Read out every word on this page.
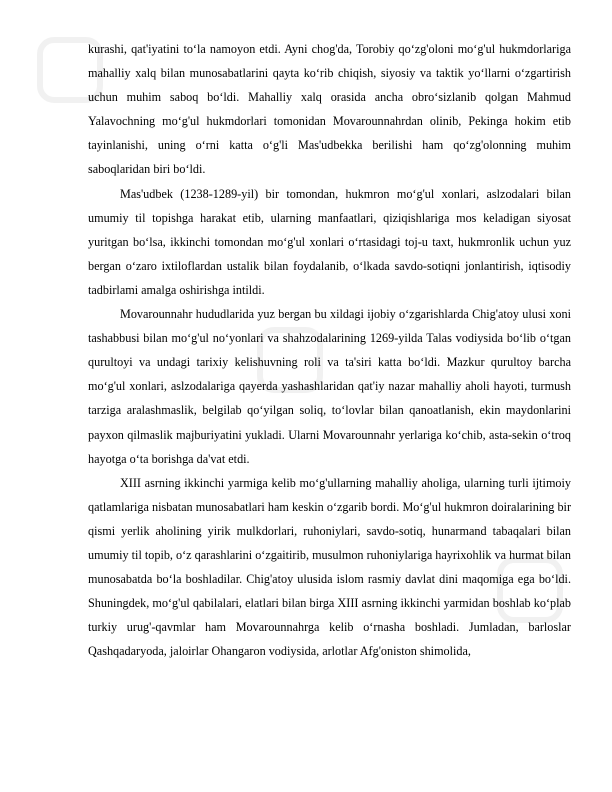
kurashi, qat'iyatini to‘la namoyon etdi. Ayni chog'da, Torobiy qo‘zg'oloni mo‘g'ul hukmdorlariga mahalliy xalq bilan munosabatlarini qayta ko‘rib chiqish, siyosiy va taktik yo‘llarni o‘zgartirish uchun muhim saboq bo‘ldi. Mahalliy xalq orasida ancha obro‘sizlanib qolgan Mahmud Yalavochning mo‘g'ul hukmdorlari tomonidan Movarounnahrdan olinib, Pekinga hokim etib tayinlanishi, uning o‘rni katta o‘g'li Mas'udbekka berilishi ham qo‘zg'olonning muhim saboqlaridan biri bo‘ldi.

Mas'udbek (1238-1289-yil) bir tomondan, hukmron mo‘g'ul xonlari, aslzodalari bilan umumiy til topishga harakat etib, ularning manfaatlari, qiziqishlariga mos keladigan siyosat yuritgan bo‘lsa, ikkinchi tomondan mo‘g'ul xonlari o‘rtasidagi toj-u taxt, hukmronlik uchun yuz bergan o‘zaro ixtiloflardan ustalik bilan foydalanib, o‘lkada savdo-sotiqni jonlantirish, iqtisodiy tadbirlami amalga oshirishga intildi.

Movarounnahr hududlarida yuz bergan bu xildagi ijobiy o‘zgarishlarda Chig'atoy ulusi xoni tashabbusi bilan mo‘g'ul no‘yonlari va shahzodalarining 1269-yilda Talas vodiysida bo‘lib o‘tgan qurultoyi va undagi tarixiy kelishuvning roli va ta'siri katta bo‘ldi. Mazkur qurultoy barcha mo‘g'ul xonlari, aslzodalariga qayerda yashashlaridan qat'iy nazar mahalliy aholi hayoti, turmush tarziga aralashmaslik, belgilab qo‘yilgan soliq, to‘lovlar bilan qanoatlanish, ekin maydonlarini payxon qilmaslik majburiyatini yukladi. Ularni Movarounnahr yerlariga ko‘chib, asta-sekin o‘troq hayotga o‘ta borishga da'vat etdi.

XIII asrning ikkinchi yarmiga kelib mo‘g'ullarning mahalliy aholiga, ularning turli ijtimoiy qatlamlariga nisbatan munosabatlari ham keskin o‘zgarib bordi. Mo‘g'ul hukmron doiralarining bir qismi yerlik aholining yirik mulkdorlari, ruhoniylari, savdo-sotiq, hunarmand tabaqalari bilan umumiy til topib, o‘z qarashlarini o‘zgaitirib, musulmon ruhoniylariga hayrixohlik va hurmat bilan munosabatda bo‘la boshladilar. Chig'atoy ulusida islom rasmiy davlat dini maqomiga ega bo‘ldi. Shuningdek, mo‘g'ul qabilalari, elatlari bilan birga XIII asrning ikkinchi yarmidan boshlab ko‘plab turkiy urug'-qavmlar ham Movarounnahrga kelib o‘rnasha boshladi. Jumladan, barloslar Qashqadaryoda, jaloirlar Ohangaron vodiysida, arlotlar Afg'oniston shimolida,
